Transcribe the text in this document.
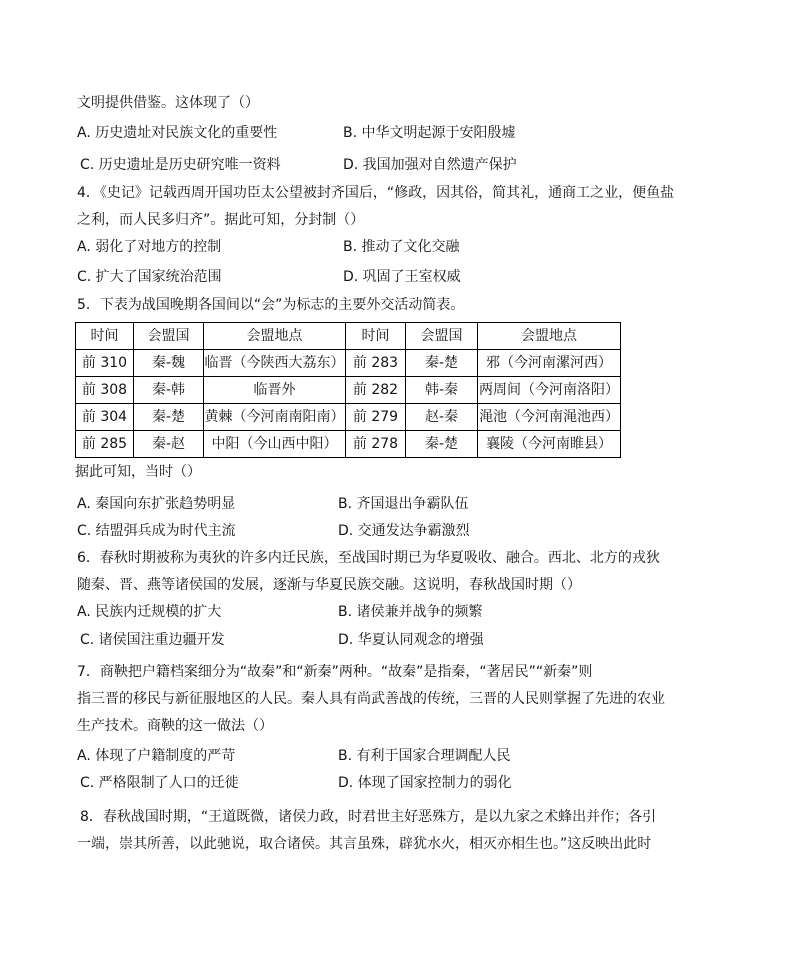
文明提供借鉴。这体现了（）
A. 历史遗址对民族文化的重要性	B. 中华文明起源于安阳殷墟
C. 历史遗址是历史研究唯一资料	D. 我国加强对自然遗产保护
4．《史记》记载西周开国功臣太公望被封齐国后，“修政，因其俗，简其礼，通商工之业，便鱼盐
之利，而人民多归齐”。据此可知，分封制（）
A. 弱化了对地方的控制	B. 推动了文化交融
C. 扩大了国家统治范围	D. 巩固了王室权威
5．下表为战国晚期各国间以“会”为标志的主要外交活动简表。
时间	会盟国	会盟地点	时间	会盟国	会盟地点
前 310	秦-魏	临晋（今陕西大荔东）	前 283	秦-楚	邪（今河南漯河西）
前 308	秦-韩	临晋外	前 282	韩-秦	两周间（今河南洛阳）
前 304	秦-楚	黄棘（今河南南阳南）	前 279	赵-秦	渑池（今河南渑池西）
前 285	秦-赵	中阳（今山西中阳）	前 278	秦-楚	襄陵（今河南睢县）
据此可知，当时（）
A. 秦国向东扩张趋势明显	B. 齐国退出争霸队伍
C. 结盟弭兵成为时代主流	D. 交通发达争霸激烈
6．春秋时期被称为夷狄的许多内迁民族，至战国时期已为华夏吸收、融合。西北、北方的戎狄
随秦、晋、燕等诸侯国的发展，逐渐与华夏民族交融。这说明，春秋战国时期（）
A. 民族内迁规模的扩大	B. 诸侯兼并战争的频繁
C. 诸侯国注重边疆开发	D. 华夏认同观念的增强
7．商鞅把户籍档案细分为“故秦”和“新秦”两种。“故秦”是指秦，“著居民”“新秦”则
指三晋的移民与新征服地区的人民。秦人具有尚武善战的传统，三晋的人民则掌握了先进的农业
生产技术。商鞅的这一做法（）
A. 体现了户籍制度的严苛	B. 有利于国家合理调配人民
C. 严格限制了人口的迁徙	D. 体现了国家控制力的弱化
8．春秋战国时期，“王道既微，诸侯力政，时君世主好恶殊方，是以九家之术蜂出并作；各引
一端，崇其所善，以此驰说，取合诸侯。其言虽殊，辟犹水火，相灭亦相生也。”这反映出此时
